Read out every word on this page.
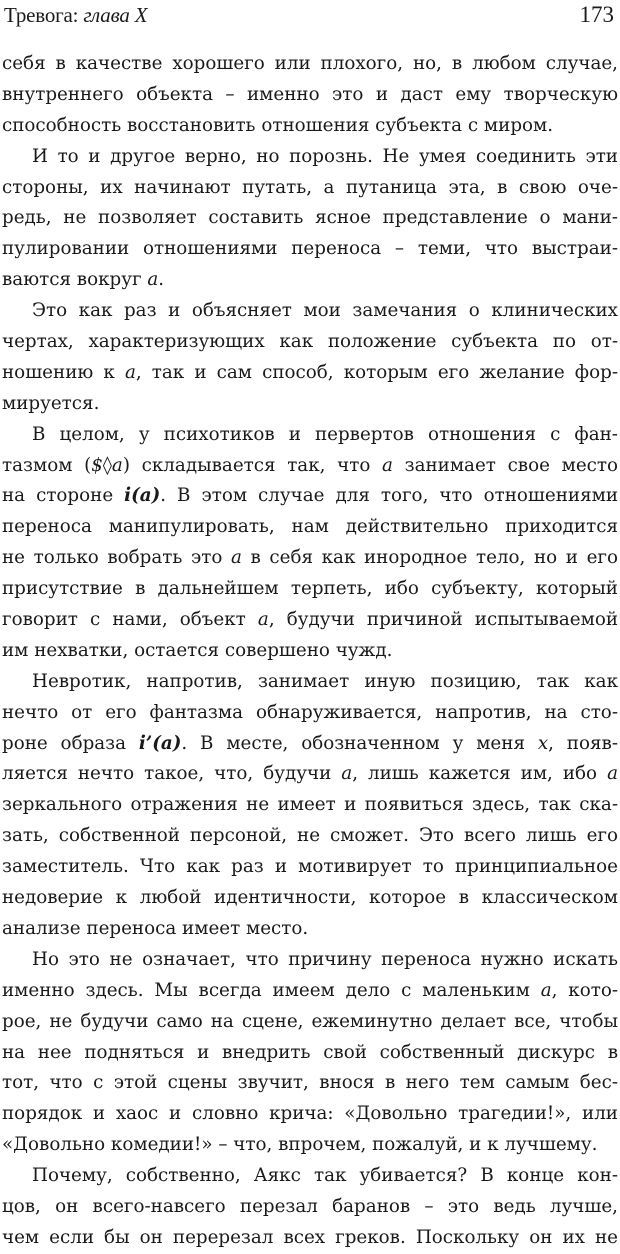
Тревога: глава X	173
себя в качестве хорошего или плохого, но, в любом случае,
внутреннего объекта – именно это и даст ему творческую
способность восстановить отношения субъекта с миром.
И то и другое верно, но порознь. Не умея соединить эти
стороны, их начинают путать, а путаница эта, в свою оче-
редь, не позволяет составить ясное представление о мани-
пулировании отношениями переноса – теми, что выстраи-
ваются вокруг a.
Это как раз и объясняет мои замечания о клинических
чертах, характеризующих как положение субъекта по от-
ношению к a, так и сам способ, которым его желание фор-
мируется.
В целом, у психотиков и первертов отношения с фан-
тазмом ($◊a) складывается так, что a занимает свое место
на стороне i(a). В этом случае для того, что отношениями
переноса манипулировать, нам действительно приходится
не только вобрать это a в себя как инородное тело, но и его
присутствие в дальнейшем терпеть, ибо субъекту, который
говорит с нами, объект a, будучи причиной испытываемой
им нехватки, остается совершено чужд.
Невротик, напротив, занимает иную позицию, так как
нечто от его фантазма обнаруживается, напротив, на сто-
роне образа i’(a). В месте, обозначенном у меня x, появ-
ляется нечто такое, что, будучи a, лишь кажется им, ибо a
зеркального отражения не имеет и появиться здесь, так ска-
зать, собственной персоной, не сможет. Это всего лишь его
заместитель. Что как раз и мотивирует то принципиальное
недоверие к любой идентичности, которое в классическом
анализе переноса имеет место.
Но это не означает, что причину переноса нужно искать
именно здесь. Мы всегда имеем дело с маленьким a, кото-
рое, не будучи само на сцене, ежеминутно делает все, чтобы
на нее подняться и внедрить свой собственный дискурс в
тот, что с этой сцены звучит, внося в него тем самым бес-
порядок и хаос и словно крича: «Довольно трагедии!», или
«Довольно комедии!» – что, впрочем, пожалуй, и к лучшему.
Почему, собственно, Аякс так убивается? В конце кон-
цов, он всего-навсего перезал баранов – это ведь лучше,
чем если бы он перерезал всех греков. Поскольку он их не
